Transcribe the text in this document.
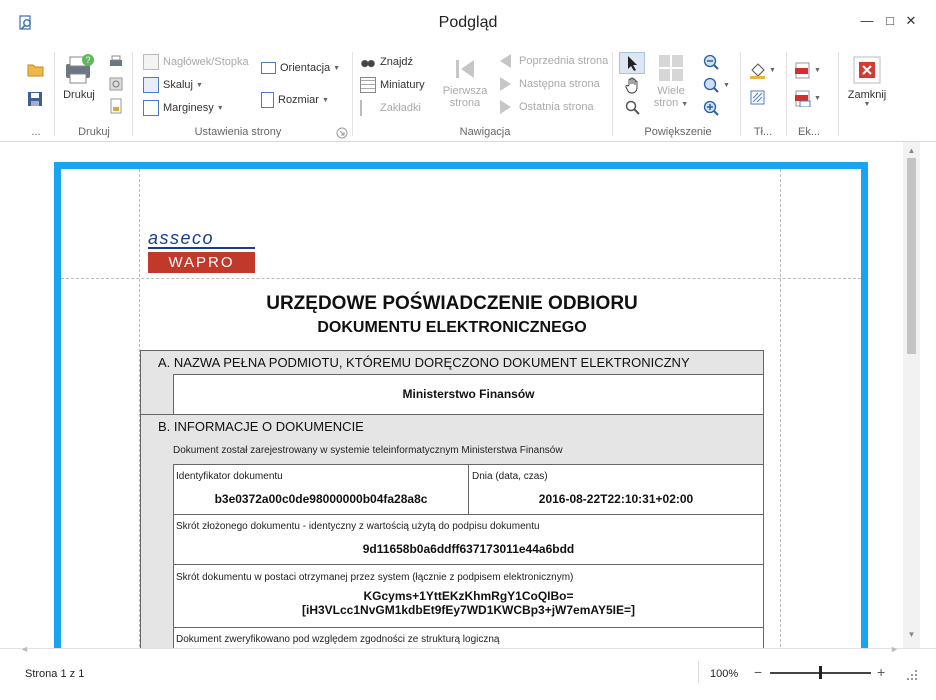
Podgląd	— □ ✕
...
?
Drukuj
Drukuj
Nagłówek/Stopka
Skaluj ▼
Marginesy ▼
Orientacja ▼
Rozmiar ▼
Ustawienia strony
Znajdź
Miniatury
Zakładki
Pierwsza
strona
Poprzednia strona
Następna strona
Ostatnia strona
Nawigacja
Wiele
stron ▼
▼
Powiększenie
▼
Tł...
▼
▼
Ek...
Zamknij
▼
asseco
WAPRO
URZĘDOWE POŚWIADCZENIE ODBIORU
DOKUMENTU ELEKTRONICZNEGO
A. NAZWA PEŁNA PODMIOTU, KTÓREMU DORĘCZONO DOKUMENT ELEKTRONICZNY
Ministerstwo Finansów
B. INFORMACJE O DOKUMENCIE
Dokument został zarejestrowany w systemie teleinformatycznym Ministerstwa Finansów
Identyfikator dokumentu
b3e0372a00c0de98000000b04fa28a8c
Dnia (data, czas)
2016-08-22T22:10:31+02:00
Skrót złożonego dokumentu - identyczny z wartością użytą do podpisu dokumentu
9d11658b0a6ddff637173011e44a6bdd
Skrót dokumentu w postaci otrzymanej przez system (łącznie z podpisem elektronicznym)
KGcyms+1YttEKzKhmRgY1CoQIBo=
[iH3VLcc1NvGM1kdbEt9fEy7WD1KWCBp3+jW7emAY5IE=]
Dokument zweryfikowano pod względem zgodności ze strukturą logiczną
▲
▼
◄	►
Strona 1 z 1	100% −	+
